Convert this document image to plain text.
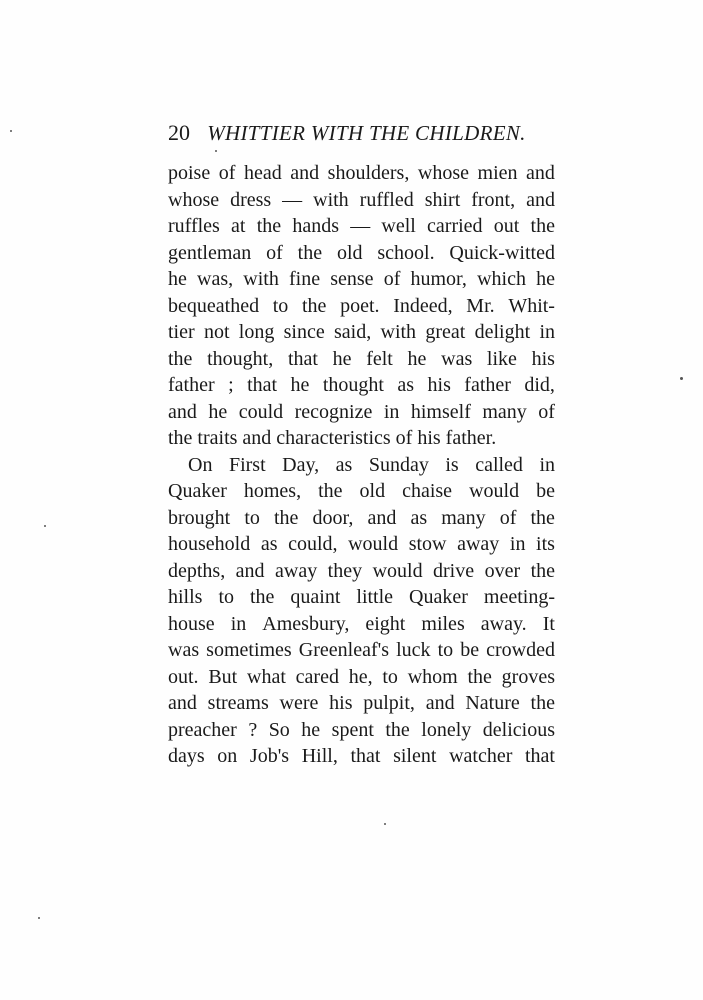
20 WHITTIER WITH THE CHILDREN.
poise of head and shoulders, whose mien and
whose dress — with ruffled shirt front, and
ruffles at the hands — well carried out the
gentleman of the old school. Quick-witted
he was, with fine sense of humor, which he
bequeathed to the poet. Indeed, Mr. Whit-
tier not long since said, with great delight in
the thought, that he felt he was like his
father ; that he thought as his father did,
and he could recognize in himself many of
the traits and characteristics of his father.
On First Day, as Sunday is called in
Quaker homes, the old chaise would be
brought to the door, and as many of the
household as could, would stow away in its
depths, and away they would drive over the
hills to the quaint little Quaker meeting-
house in Amesbury, eight miles away. It
was sometimes Greenleaf's luck to be crowded
out. But what cared he, to whom the groves
and streams were his pulpit, and Nature the
preacher ? So he spent the lonely delicious
days on Job's Hill, that silent watcher that
